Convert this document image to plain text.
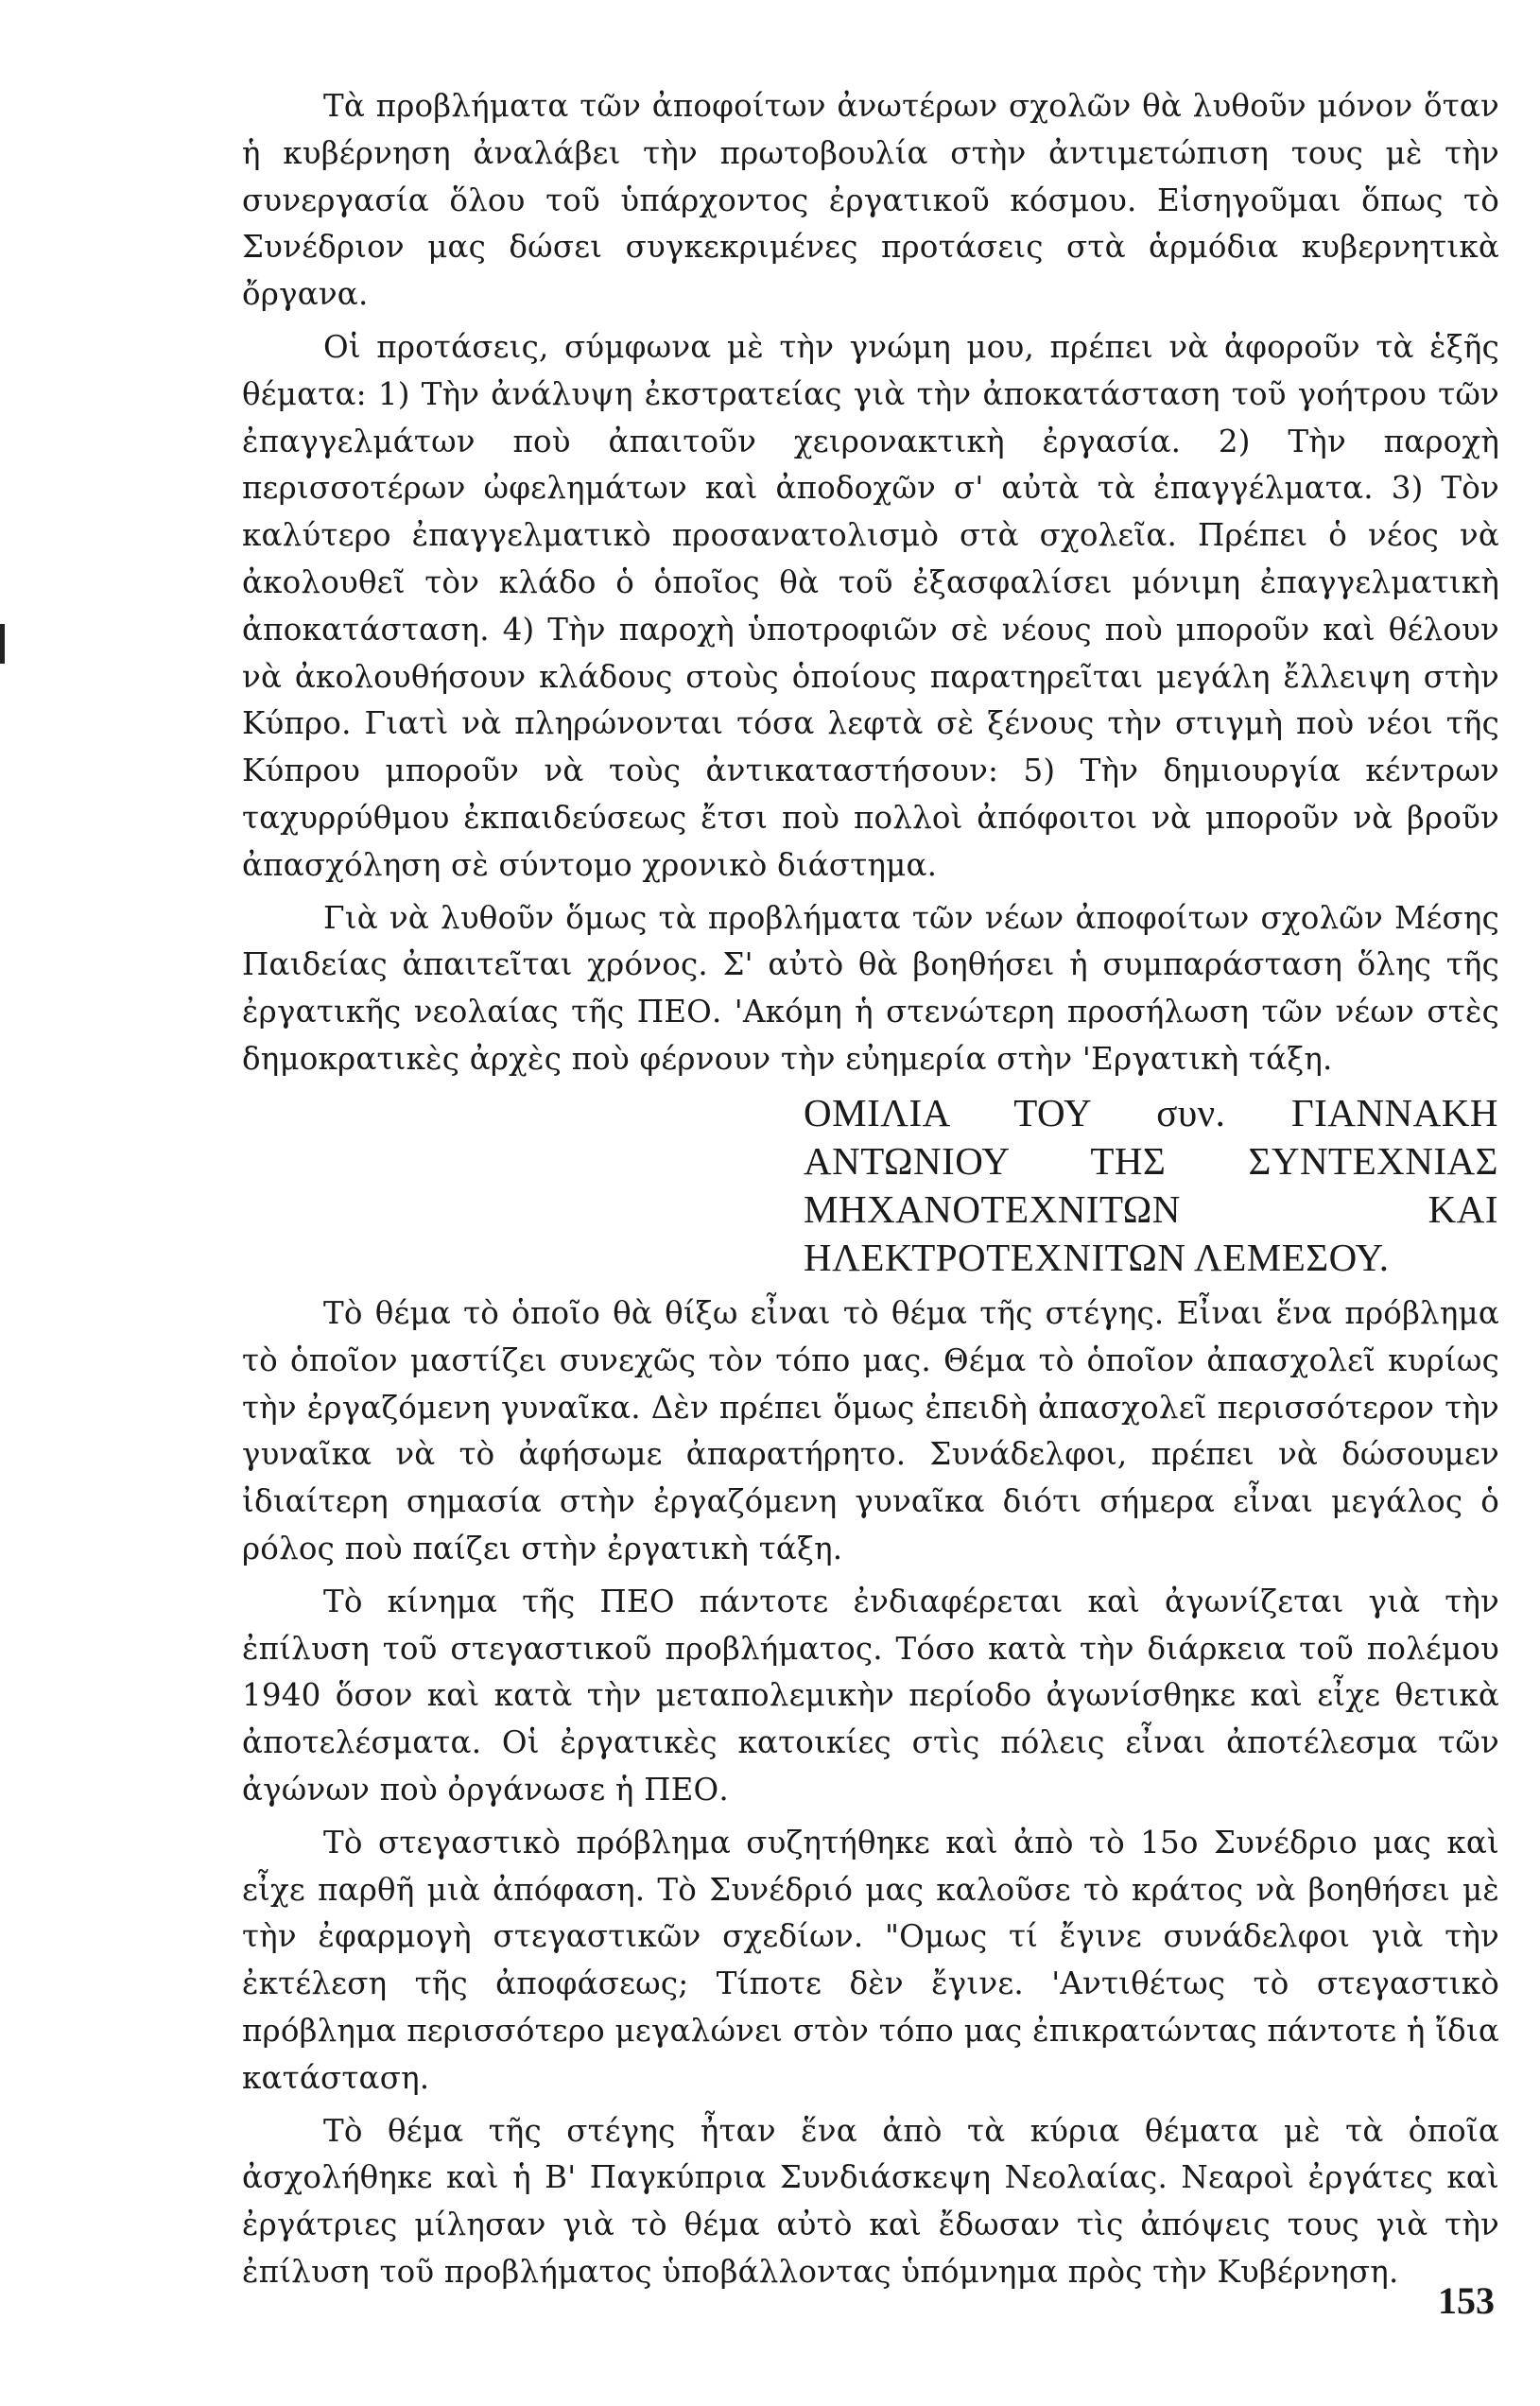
Τὰ προβλήματα τῶν ἀποφοίτων ἀνωτέρων σχολῶν θὰ λυθοῦν μόνον ὅταν ἡ κυβέρνηση ἀναλάβει τὴν πρωτοβουλία στὴν ἀντιμετώπιση τους μὲ τὴν συνεργασία ὅλου τοῦ ὑπάρχοντος ἐργατικοῦ κόσμου. Εἰσηγοῦμαι ὅπως τὸ Συνέδριον μας δώσει συγκεκριμένες προτάσεις στὰ ἁρμόδια κυβερνητικὰ ὄργανα.

Οἱ προτάσεις, σύμφωνα μὲ τὴν γνώμη μου, πρέπει νὰ ἀφοροῦν τὰ ἑξῆς θέματα: 1) Τὴν ἀνάλυψη ἐκστρατείας γιὰ τὴν ἀποκατάσταση τοῦ γοήτρου τῶν ἐπαγγελμάτων ποὺ ἀπαιτοῦν χειρονακτικὴ ἐργασία. 2) Τὴν παροχὴ περισσοτέρων ὠφελημάτων καὶ ἀποδοχῶν σ' αὐτὰ τὰ ἐπαγγέλματα. 3) Τὸν καλύτερο ἐπαγγελματικὸ προσανατολισμὸ στὰ σχολεῖα. Πρέπει ὁ νέος νὰ ἀκολουθεῖ τὸν κλάδο ὁ ὁποῖος θὰ τοῦ ἐξασφαλίσει μόνιμη ἐπαγγελματικὴ ἀποκατάσταση. 4) Τὴν παροχὴ ὑποτροφιῶν σὲ νέους ποὺ μποροῦν καὶ θέλουν νὰ ἀκολουθήσουν κλάδους στοὺς ὁποίους παρατηρεῖται μεγάλη ἔλλειψη στὴν Κύπρο. Γιατὶ νὰ πληρώνονται τόσα λεφτὰ σὲ ξένους τὴν στιγμὴ ποὺ νέοι τῆς Κύπρου μποροῦν νὰ τοὺς ἀντικαταστήσουν: 5) Τὴν δημιουργία κέντρων ταχυρρύθμου ἐκπαιδεύσεως ἔτσι ποὺ πολλοὶ ἀπόφοιτοι νὰ μποροῦν νὰ βροῦν ἀπασχόληση σὲ σύντομο χρονικὸ διάστημα.

Γιὰ νὰ λυθοῦν ὅμως τὰ προβλήματα τῶν νέων ἀποφοίτων σχολῶν Μέσης Παιδείας ἀπαιτεῖται χρόνος. Σ' αὐτὸ θὰ βοηθήσει ἡ συμπαράσταση ὅλης τῆς ἐργατικῆς νεολαίας τῆς ΠΕΟ. 'Ακόμη ἡ στενώτερη προσήλωση τῶν νέων στὲς δημοκρατικὲς ἀρχὲς ποὺ φέρνουν τὴν εὐημερία στὴν 'Εργατικὴ τάξη.

ΟΜΙΛΙΑ ΤΟΥ συν. ΓΙΑΝΝΑΚΗ ΑΝΤΩΝΙΟΥ ΤΗΣ ΣΥΝΤΕΧΝΙΑΣ ΜΗΧΑΝΟΤΕΧΝΙΤΩΝ ΚΑΙ ΗΛΕΚΤΡΟΤΕΧΝΙΤΩΝ ΛΕΜΕΣΟΥ.

Τὸ θέμα τὸ ὁποῖο θὰ θίξω εἶναι τὸ θέμα τῆς στέγης. Εἶναι ἕνα πρόβλημα τὸ ὁποῖον μαστίζει συνεχῶς τὸν τόπο μας. Θέμα τὸ ὁποῖον ἀπασχολεῖ κυρίως τὴν ἐργαζόμενη γυναῖκα. Δὲν πρέπει ὅμως ἐπειδὴ ἀπασχολεῖ περισσότερον τὴν γυναῖκα νὰ τὸ ἀφήσωμε ἀπαρατήρητο. Συνάδελφοι, πρέπει νὰ δώσουμεν ἰδιαίτερη σημασία στὴν ἐργαζόμενη γυναῖκα διότι σήμερα εἶναι μεγάλος ὁ ρόλος ποὺ παίζει στὴν ἐργατικὴ τάξη.

Τὸ κίνημα τῆς ΠΕΟ πάντοτε ἐνδιαφέρεται καὶ ἀγωνίζεται γιὰ τὴν ἐπίλυση τοῦ στεγαστικοῦ προβλήματος. Τόσο κατὰ τὴν διάρκεια τοῦ πολέμου 1940 ὅσον καὶ κατὰ τὴν μεταπολεμικὴν περίοδο ἀγωνίσθηκε καὶ εἶχε θετικὰ ἀποτελέσματα. Οἱ ἐργατικὲς κατοικίες στὶς πόλεις εἶναι ἀποτέλεσμα τῶν ἀγώνων ποὺ ὀργάνωσε ἡ ΠΕΟ.

Τὸ στεγαστικὸ πρόβλημα συζητήθηκε καὶ ἀπὸ τὸ 15ο Συνέδριο μας καὶ εἶχε παρθῆ μιὰ ἀπόφαση. Τὸ Συνέδριό μας καλοῦσε τὸ κράτος νὰ βοηθήσει μὲ τὴν ἐφαρμογὴ στεγαστικῶν σχεδίων. "Ομως τί ἔγινε συνάδελφοι γιὰ τὴν ἐκτέλεση τῆς ἀποφάσεως; Τίποτε δὲν ἔγινε. 'Αντιθέτως τὸ στεγαστικὸ πρόβλημα περισσότερο μεγαλώνει στὸν τόπο μας ἐπικρατώντας πάντοτε ἡ ἴδια κατάσταση.

Τὸ θέμα τῆς στέγης ἦταν ἕνα ἀπὸ τὰ κύρια θέματα μὲ τὰ ὁποῖα ἀσχολήθηκε καὶ ἡ Β' Παγκύπρια Συνδιάσκεψη Νεολαίας. Νεαροὶ ἐργάτες καὶ ἐργάτριες μίλησαν γιὰ τὸ θέμα αὐτὸ καὶ ἔδωσαν τὶς ἀπόψεις τους γιὰ τὴν ἐπίλυση τοῦ προβλήματος ὑποβάλλοντας ὑπόμνημα πρὸς τὴν Κυβέρνηση.

153
